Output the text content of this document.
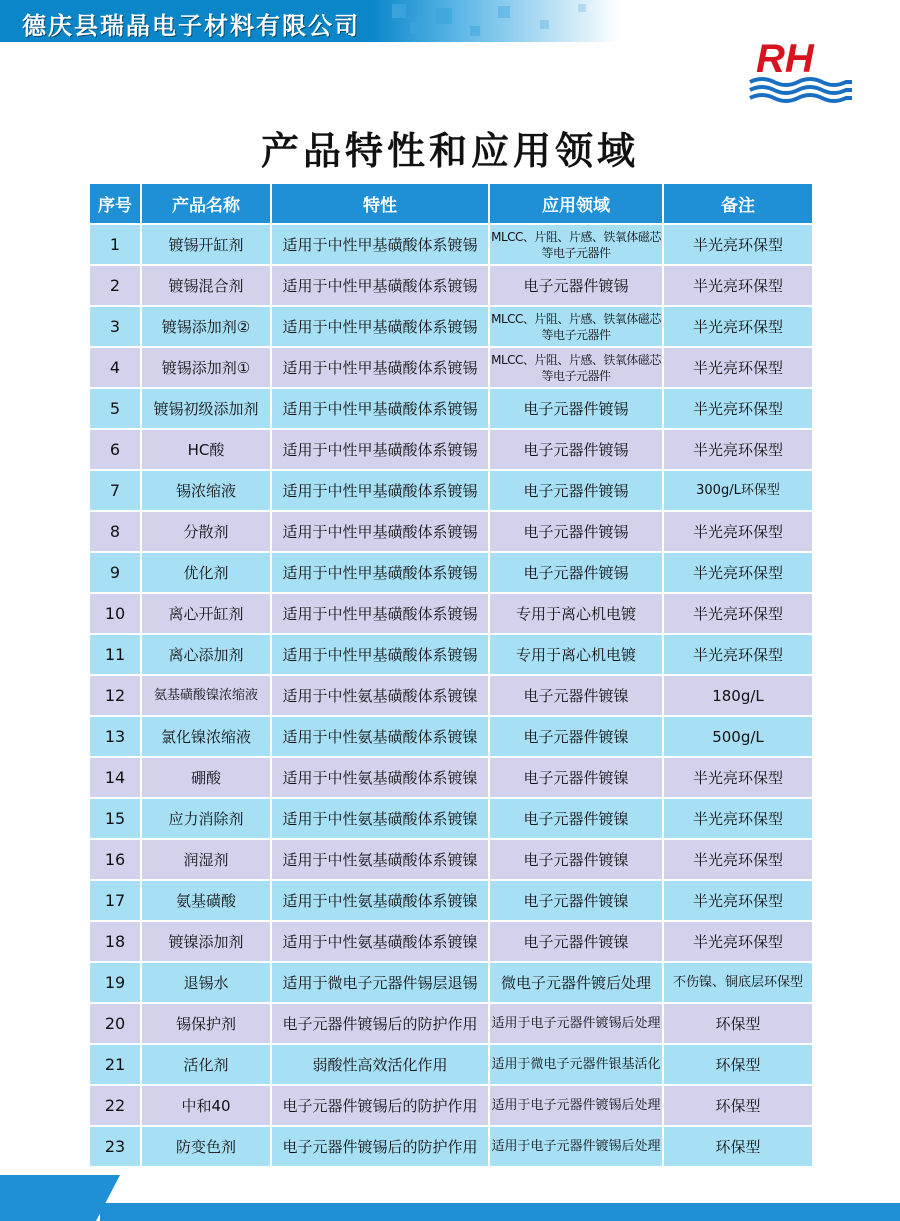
德庆县瑞晶电子材料有限公司
RH
产品特性和应用领域
序号	产品名称	特性	应用领域	备注
1	镀锡开缸剂	适用于中性甲基磺酸体系镀锡	MLCC、片阻、片感、铁氧体磁芯等电子元器件	半光亮环保型
2	镀锡混合剂	适用于中性甲基磺酸体系镀锡	电子元器件镀锡	半光亮环保型
3	镀锡添加剂②	适用于中性甲基磺酸体系镀锡	MLCC、片阻、片感、铁氧体磁芯等电子元器件	半光亮环保型
4	镀锡添加剂①	适用于中性甲基磺酸体系镀锡	MLCC、片阻、片感、铁氧体磁芯等电子元器件	半光亮环保型
5	镀锡初级添加剂	适用于中性甲基磺酸体系镀锡	电子元器件镀锡	半光亮环保型
6	HC酸	适用于中性甲基磺酸体系镀锡	电子元器件镀锡	半光亮环保型
7	锡浓缩液	适用于中性甲基磺酸体系镀锡	电子元器件镀锡	300g/L环保型
8	分散剂	适用于中性甲基磺酸体系镀锡	电子元器件镀锡	半光亮环保型
9	优化剂	适用于中性甲基磺酸体系镀锡	电子元器件镀锡	半光亮环保型
10	离心开缸剂	适用于中性甲基磺酸体系镀锡	专用于离心机电镀	半光亮环保型
11	离心添加剂	适用于中性甲基磺酸体系镀锡	专用于离心机电镀	半光亮环保型
12	氨基磺酸镍浓缩液	适用于中性氨基磺酸体系镀镍	电子元器件镀镍	180g/L
13	氯化镍浓缩液	适用于中性氨基磺酸体系镀镍	电子元器件镀镍	500g/L
14	硼酸	适用于中性氨基磺酸体系镀镍	电子元器件镀镍	半光亮环保型
15	应力消除剂	适用于中性氨基磺酸体系镀镍	电子元器件镀镍	半光亮环保型
16	润湿剂	适用于中性氨基磺酸体系镀镍	电子元器件镀镍	半光亮环保型
17	氨基磺酸	适用于中性氨基磺酸体系镀镍	电子元器件镀镍	半光亮环保型
18	镀镍添加剂	适用于中性氨基磺酸体系镀镍	电子元器件镀镍	半光亮环保型
19	退锡水	适用于微电子元器件锡层退锡	微电子元器件镀后处理	不伤镍、铜底层环保型
20	锡保护剂	电子元器件镀锡后的防护作用	适用于电子元器件镀锡后处理	环保型
21	活化剂	弱酸性高效活化作用	适用于微电子元器件银基活化	环保型
22	中和40	电子元器件镀锡后的防护作用	适用于电子元器件镀锡后处理	环保型
23	防变色剂	电子元器件镀锡后的防护作用	适用于电子元器件镀锡后处理	环保型
